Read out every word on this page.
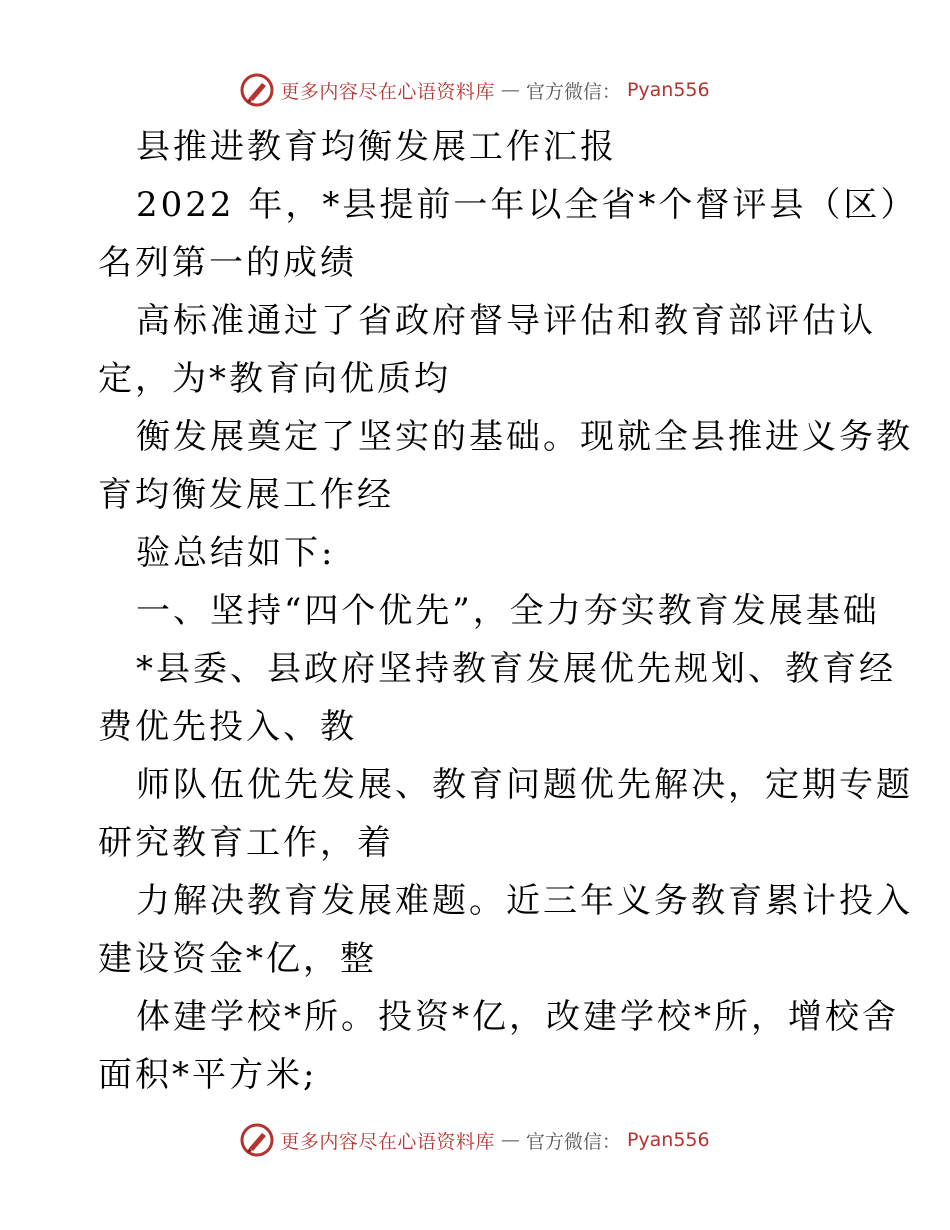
更多内容尽在心语资料库 — 官方微信： Pyan556
县推进教育均衡发展工作汇报
2022 年，*县提前一年以全省*个督评县（区）
名列第一的成绩
高标准通过了省政府督导评估和教育部评估认
定，为*教育向优质均
衡发展奠定了坚实的基础。现就全县推进义务教
育均衡发展工作经
验总结如下:
一、坚持“四个优先”，全力夯实教育发展基础
*县委、县政府坚持教育发展优先规划、教育经
费优先投入、教
师队伍优先发展、教育问题优先解决，定期专题
研究教育工作，着
力解决教育发展难题。近三年义务教育累计投入
建设资金*亿，整
体建学校*所。投资*亿，改建学校*所，增校舍
面积*平方米;
更多内容尽在心语资料库 — 官方微信： Pyan556
